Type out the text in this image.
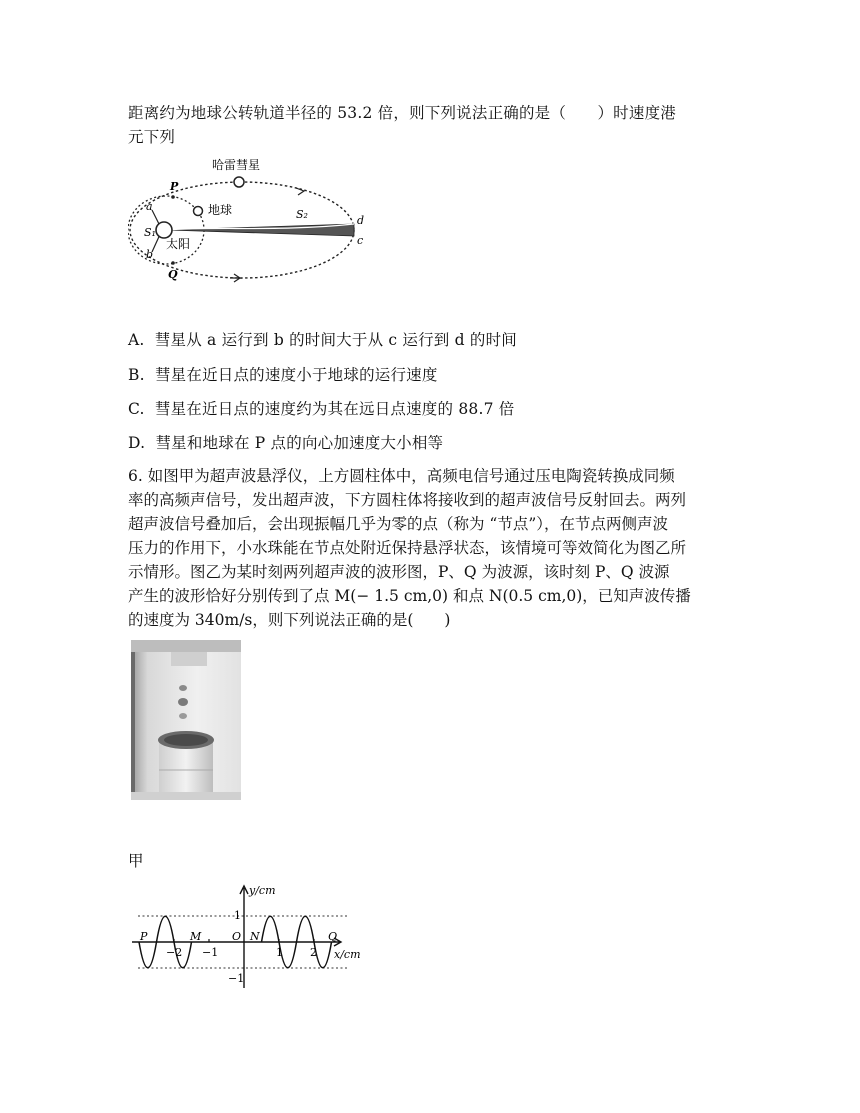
距离约为地球公转轨道半径的 53.2 倍，则下列说法正确的是（　　）时速度港
元下列
哈雷彗星
地球
太阳
P
Q
a
b
S₁
S₂	d
c
A. 彗星从 a 运行到 b 的时间大于从 c 运行到 d 的时间
B. 彗星在近日点的速度小于地球的运行速度
C. 彗星在近日点的速度约为其在远日点速度的 88.7 倍
D. 彗星和地球在 P 点的向心加速度大小相等
6. 如图甲为超声波悬浮仪，上方圆柱体中，高频电信号通过压电陶瓷转换成同频
率的高频声信号，发出超声波，下方圆柱体将接收到的超声波信号反射回去。两列
超声波信号叠加后，会出现振幅几乎为零的点（称为 “节点”），在节点两侧声波
压力的作用下，小水珠能在节点处附近保持悬浮状态，该情境可等效简化为图乙所
示情形。图乙为某时刻两列超声波的波形图，P、Q 为波源，该时刻 P、Q 波源
产生的波形恰好分别传到了点 M(− 1.5 cm,0) 和点 N(0.5 cm,0)，已知声波传播
的速度为 340m/s，则下列说法正确的是(　　)
甲
y/cm
x/cm
O
−2 −1	1 2
1
−1
P	M	N	Q
